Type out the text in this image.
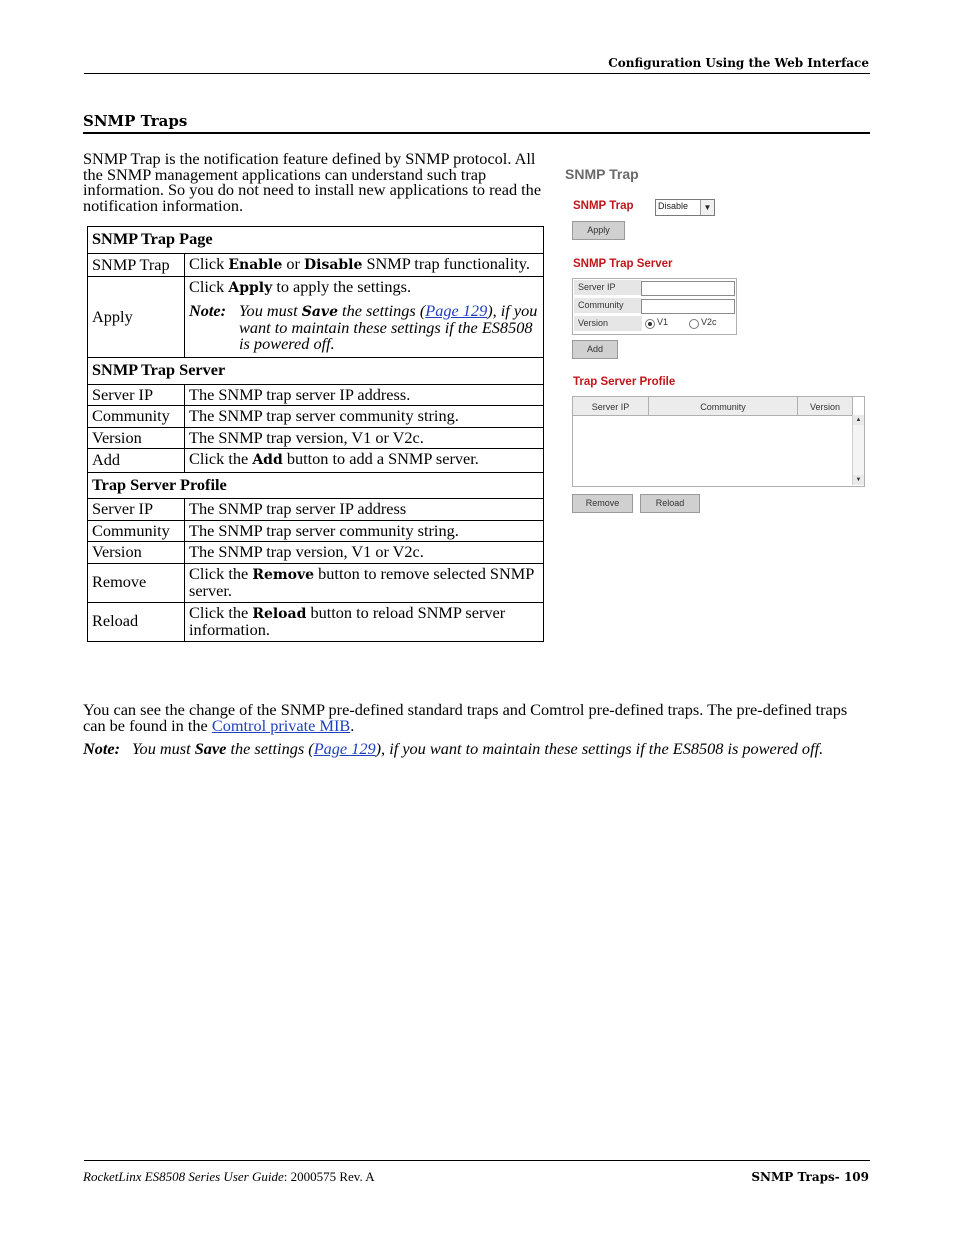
Configuration Using the Web Interface
SNMP Traps

SNMP Trap is the notification feature defined by SNMP protocol. All the SNMP management applications can understand such trap information. So you do not need to install new applications to read the notification information.

SNMP Trap Page	
SNMP Trap	Click Enable or Disable SNMP trap functionality.
Apply	Click Apply to apply the settings.
Note: You must Save the settings (Page 129), if you want to maintain these settings if the ES8508 is powered off.

SNMP Trap Server	
Server IP	The SNMP trap server IP address.
Community	The SNMP trap server community string.
Version	The SNMP trap version, V1 or V2c.
Add	Click the Add button to add a SNMP server.
Trap Server Profile	
Server IP	The SNMP trap server IP address
Community	The SNMP trap server community string.
Version	The SNMP trap version, V1 or V2c.
Remove	Click the Remove button to remove selected SNMP server.
Reload	Click the Reload button to reload SNMP server information.
SNMP Trap
SNMP Trap	Disable	▼
Apply
SNMP Trap Server
Server IP
Community
Version	V1	V2c
Add
Trap Server Profile
Server IP	Community	Version
▲
▼
Remove	Reload

You can see the change of the SNMP pre-defined standard traps and Comtrol pre-defined traps. The pre-defined traps can be found in the Comtrol private MIB.

Note: You must Save the settings (Page 129), if you want to maintain these settings if the ES8508 is powered off.
RocketLinx ES8508 Series User Guide: 2000575 Rev. A	SNMP Traps- 109
